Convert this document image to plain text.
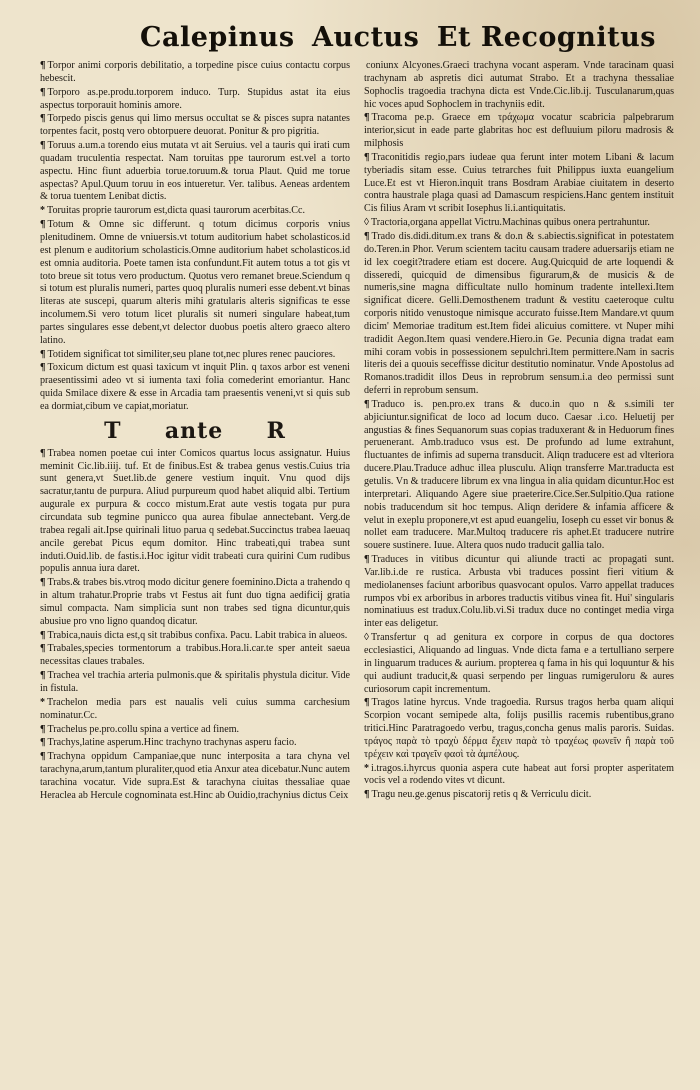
Calepinus Auctus Et Recognitus

¶ Torpor animi corporis debilitatio, a torpedine pisce cuius contactu corpus hebescit.

¶ Torporo as.pe.produ.torporem induco. Turp. Stupidus astat ita eius aspectus torporauit hominis amore.

¶ Torpedo piscis genus qui limo mersus occultat se & pisces supra natantes torpentes facit, postq vero obtorpuere deuorat. Ponitur & pro pigritia.

¶ Toruus a.um.a torendo eius mutata vt ait Seruius. vel a tauris qui irati cum quadam truculentia respectat. Nam toruitas ppe taurorum est.vel a torto aspectu. Hinc fiunt aduerbia torue.toruum.& torua Plaut. Quid me torue aspectas? Apul.Quum toruu in eos intueretur. Ver. talibus. Aeneas ardentem & torua tuentem Lenibat dictis.

* Toruitas proprie taurorum est,dicta quasi taurorum acerbitas.Cc.

¶ Totum & Omne sic differunt. q totum dicimus corporis vnius plenitudinem. Omne de vniuersis.vt totum auditorium habet scholasticos.id est plenum e auditorium scholasticis.Omne auditorium habet scholasticos.id est omnia auditoria. Poete tamen ista confundunt.Fit autem totus a tot gis vt toto breue sit totus vero productum. Quotus vero remanet breue.Sciendum q si totum est pluralis numeri, partes quoq pluralis numeri esse debent.vt binas literas ate suscepi, quarum alteris mihi gratularis alteris significas te esse incolumem.Si vero totum licet pluralis sit numeri singulare habeat,tum partes singulares esse debent,vt delector duobus poetis altero graeco altero latino.

¶ Totidem significat tot similiter,seu plane tot,nec plures renec pauciores.

¶ Toxicum dictum est quasi taxicum vt inquit Plin. q taxos arbor est veneni praesentissimi adeo vt si iumenta taxi folia comederint emoriantur. Hanc quida Smilace dixere & esse in Arcadia tam praesentis veneni,vt si quis sub ea dormiat,cibum ve capiat,moriatur.

T ante R

¶ Trabea nomen poetae cui inter Comicos quartus locus assignatur. Huius meminit Cic.lib.iiij. tuf. Et de finibus.Est & trabea genus vestis.Cuius tria sunt genera,vt Suet.lib.de genere vestium inquit. Vnu quod dijs sacratur,tantu de purpura. Aliud purpureum quod habet aliquid albi. Tertium augurale ex purpura & cocco mistum.Erat aute vestis togata pur pura circundata sub tegmine punicco qua aurea fibulae annectebant. Verg.de trabea regali ait.Ipse quirinali lituo parua q sedebat.Succinctus trabea laeuaq ancile gerebat Picus equm domitor. Hinc trabeati,qui trabea sunt induti.Ouid.lib. de fastis.i.Hoc igitur vidit trabeati cura quirini Cum rudibus populis annua iura daret.

¶ Trabs.& trabes bis.vtroq modo dicitur genere foeminino.Dicta a trahendo q in altum trahatur.Proprie trabs vt Festus ait funt duo tigna aedificij gratia simul compacta. Nam simplicia sunt non trabes sed tigna dicuntur,quis abusiue pro vno ligno quandoq dicatur.

¶ Trabica,nauis dicta est,q sit trabibus confixa. Pacu. Labit trabica in alueos.

¶ Trabales,species tormentorum a trabibus.Hora.li.car.te sper anteit saeua necessitas claues trabales.

¶ Trachea vel trachia arteria pulmonis.que & spiritalis phystula dicitur. Vide in fistula.

* Trachelon media pars est naualis veli cuius summa carchesium nominatur.Cc.

¶ Trachelus pe.pro.collu spina a vertice ad finem.

¶ Trachys,latine asperum.Hinc trachyno trachynas asperu facio.

¶ Trachyna oppidum Campaniae,que nunc interposita a tara chyna vel tarachyna,arum,tantum pluraliter,quod etia Anxur atea dicebatur.Nunc autem tarachina vocatur. Vide supra.Est & tarachyna ciuitas thessaliae quae Heraclea ab Hercule cognominata est.Hinc ab Ouidio,trachynius dictus Ceix

coniunx Alcyones.Graeci trachyna vocant asperam. Vnde taracinam quasi trachynam ab aspretis dici autumat Strabo. Et a trachyna thessaliae Sophoclis tragoedia trachyna dicta est Vnde.Cic.lib.ij. Tusculanarum,quas hic voces apud Sophoclem in trachyniis edit.

¶ Tracoma pe.p. Graece em τράχωμα vocatur scabricia palpebrarum interior,sicut in eade parte glabritas hoc est defluuium piloru madrosis & milphosis

¶ Traconitidis regio,pars iudeae qua ferunt inter motem Libani & lacum tyberiadis sitam esse. Cuius tetrarches fuit Philippus iuxta euangelium Luce.Et est vt Hieron.inquit trans Bosdram Arabiae ciuitatem in deserto contra haustrale plaga quasi ad Damascum respiciens.Hanc gentem instituit Cis filius Aram vt scribit Iosephus li.i.antiquitatis.

◊ Tractoria,organa appellat Victru.Machinas quibus onera pertrahuntur.

¶ Trado dis.didi.ditum.ex trans & do.n & s.abiectis.significat in potestatem do.Teren.in Phor. Verum scientem tacitu causam tradere aduersarijs etiam ne id lex coegit?tradere etiam est docere. Aug.Quicquid de arte loquendi & disseredi, quicquid de dimensibus figurarum,& de musicis & de numeris,sine magna difficultate nullo hominum tradente intellexi.Item significat dicere. Gelli.Demosthenem tradunt & vestitu caeteroque cultu corporis nitido venustoque nimisque accurato fuisse.Item Mandare.vt quum dicim' Memoriae traditum est.Item fidei alicuius comittere. vt Nuper mihi tradidit Aegon.Item quasi vendere.Hiero.in Ge. Pecunia digna tradat eam mihi coram vobis in possessionem sepulchri.Item permittere.Nam in sacris literis dei a quouis seceffisse dicitur destitutio nominatur. Vnde Apostolus ad Romanos.tradidit illos Deus in reprobrum sensum.i.a deo permissi sunt deferri in reprobum sensum.

¶ Traduco is. pen.pro.ex trans & duco.in quo n & s.simili ter abjiciuntur.significat de loco ad locum duco. Caesar .i.co. Heluetij per angustias & fines Sequanorum suas copias traduxerant & in Heduorum fines peruenerant. Amb.traduco vsus est. De profundo ad lume extrahunt, fluctuantes de infimis ad superna transducit. Aliqn traducere est ad vlteriora ducere.Plau.Traduce adhuc illea plusculu. Aliqn transferre Mar.traducta est getulis. Vn & traducere librum ex vna lingua in alia quidam dicuntur.Hoc est interpretari. Aliquando Agere siue praeterire.Cice.Ser.Sulpitio.Qua ratione nobis traducendum sit hoc tempus. Aliqn deridere & infamia afficere & velut in exeplu proponere,vt est apud euangeliu, Ioseph cu esset vir bonus & nollet eam traducere. Mar.Multoq traducere ris aphet.Et traducere nutrire souere sustinere. Iuue. Altera quos nudo traducit gallia talo.

¶ Traduces in vitibus dicuntur qui aliunde tracti ac propagati sunt. Var.lib.i.de re rustica. Arbusta vbi traduces possint fieri vitium & mediolanenses faciunt arboribus quasvocant opulos. Varro appellat traduces rumpos vbi ex arboribus in arbores traductis vitibus vinea fit. Hui' singularis nominatiuus est tradux.Colu.lib.vi.Si tradux duce no continget media virga inter eas deligetur.

◊ Transfertur q ad genitura ex corpore in corpus de qua doctores ecclesiastici, Aliquando ad linguas. Vnde dicta fama e a tertulliano serpere in linguarum traduces & aurium. propterea q fama in his qui loquuntur & his qui audiunt traducit,& quasi serpendo per linguas rumigeruloru & aures curiosorum capit incrementum.

¶ Tragos latine hyrcus. Vnde tragoedia. Rursus tragos herba quam aliqui Scorpion vocant semipede alta, folijs pusillis racemis rubentibus,grano tritici.Hinc Paratragoedo verbu, tragus,concha genus malis paroris. Suidas. τράγος παρὰ τὸ τραχὺ δέρμα ἔχειν παρὰ τὸ τραχέως φωνεῖν ἢ παρὰ τοῦ τρέχειν καὶ τραγεῖν φασὶ τὰ ἀμπέλους.

* i.tragos.i.hyrcus quonia aspera cute habeat aut forsi propter asperitatem vocis vel a rodendo vites vt dicunt.

¶ Tragu neu.ge.genus piscatorij retis q & Verriculu dicit.
